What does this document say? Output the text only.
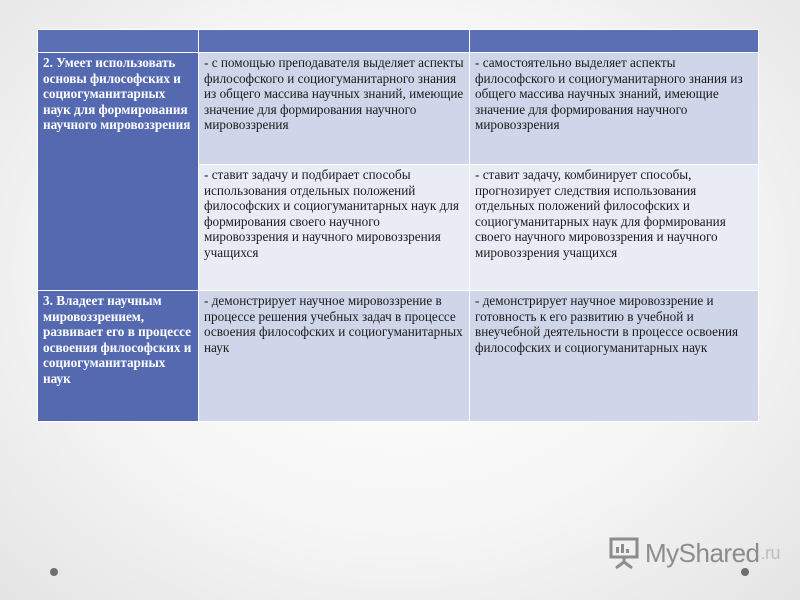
2. Умеет использовать основы философских и социогуманитарных наук для формирования научного мировоззрения	- с помощью преподавателя выделяет аспекты философского и социогуманитарного знания из общего массива научных знаний, имеющие значение для формирования научного мировоззрения	- самостоятельно выделяет аспекты философского и социогуманитарного знания из общего массива научных знаний, имеющие значение для формирования научного мировоззрения
	- ставит задачу и подбирает способы использования отдельных положений философских и социогуманитарных наук для формирования своего научного мировоззрения и научного мировоззрения учащихся	- ставит задачу, комбинирует способы, прогнозирует следствия использования отдельных положений философских и социогуманитарных наук для формирования своего научного мировоззрения и научного мировоззрения учащихся
3. Владеет научным мировоззрением, развивает его в процессе освоения философских и социогуманитарных наук	- демонстрирует научное мировоззрение в процессе решения учебных задач в процессе освоения философских и социогуманитарных наук	- демонстрирует научное мировоззрение и готовность к его развитию в учебной и внеучебной деятельности в процессе освоения философских и социогуманитарных наук
MyShared .ru
